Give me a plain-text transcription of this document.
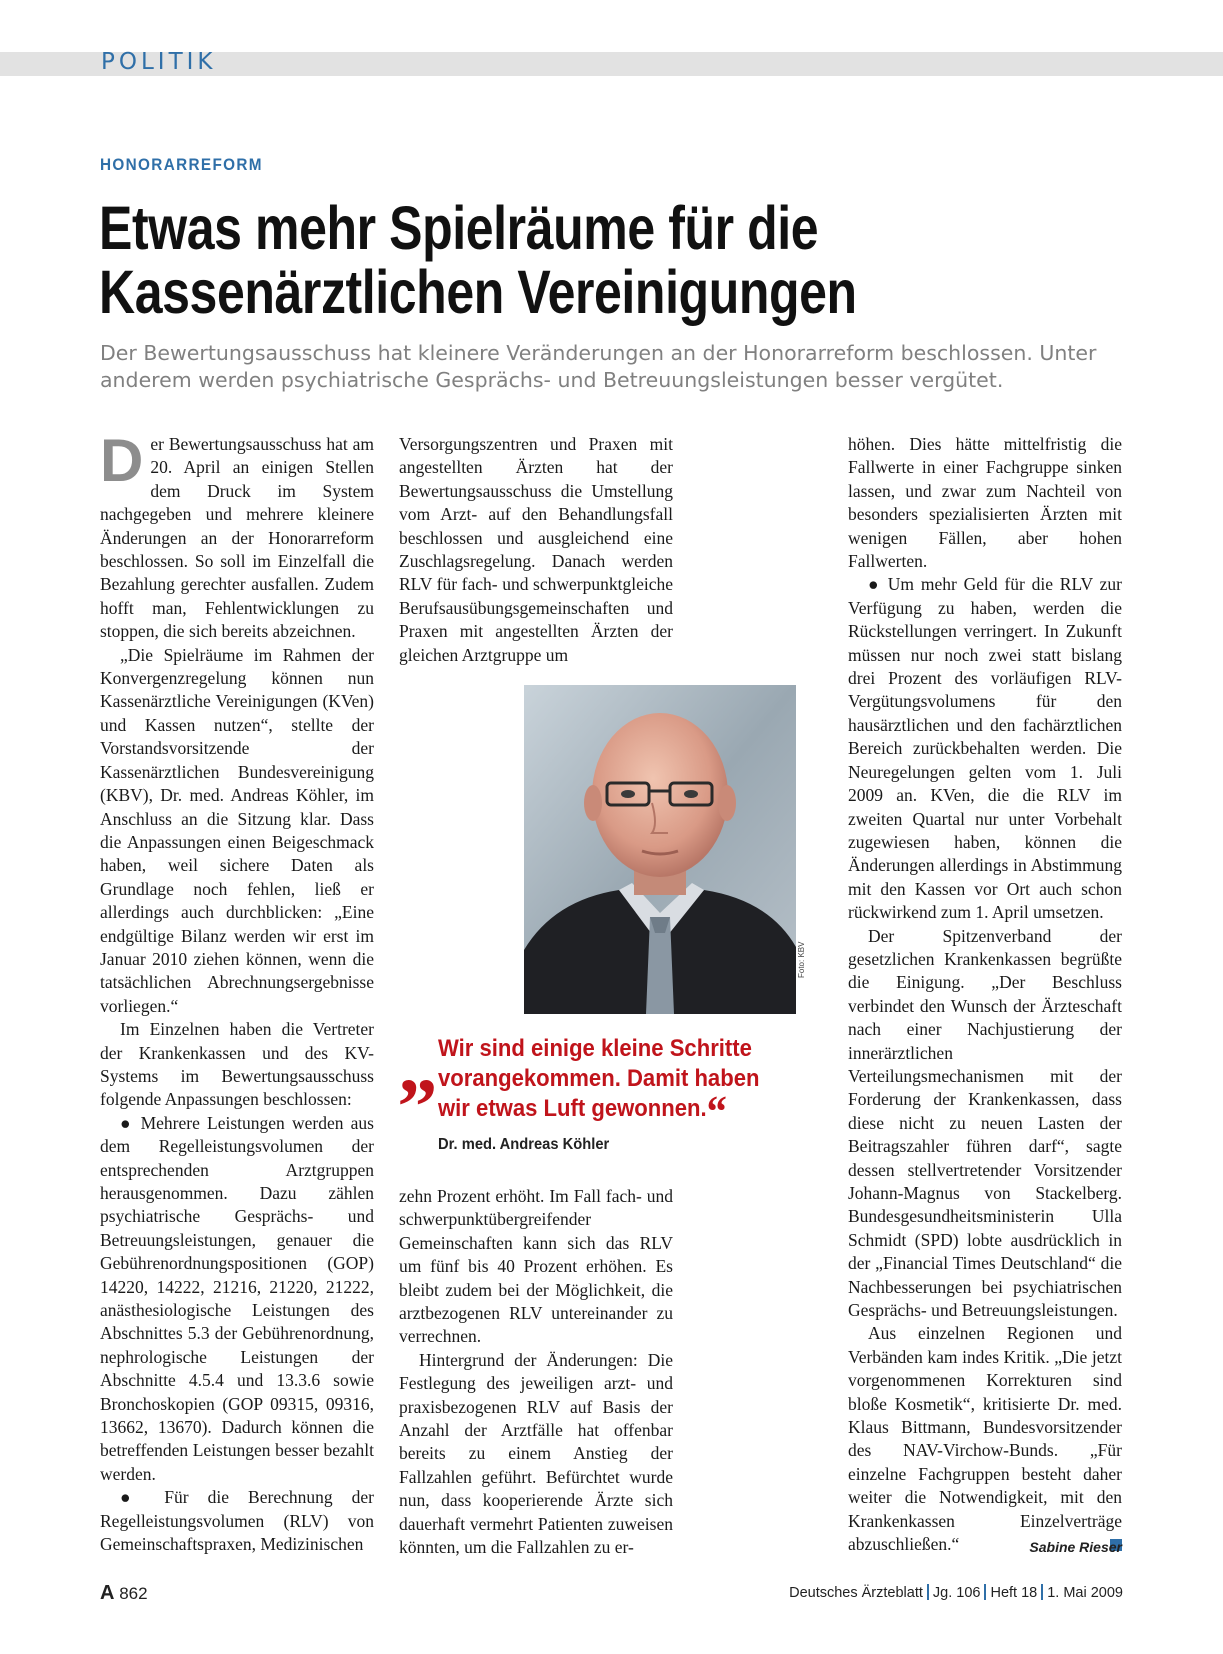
POLITIK
HONORARREFORM
Etwas mehr Spielräume für die
Kassenärztlichen Vereinigungen
Der Bewertungsausschuss hat kleinere Veränderungen an der Honorarreform beschlossen. Unter anderem werden psychiatrische Gesprächs- und Betreuungsleistungen besser vergütet.

Der Bewertungsausschuss hat am 20. April an einigen Stellen dem Druck im System nachgegeben und mehrere kleinere Änderungen an der Honorarreform beschlossen. So soll im Einzelfall die Bezahlung gerechter ausfallen. Zudem hofft man, Fehlentwicklungen zu stoppen, die sich bereits abzeichnen.

„Die Spielräume im Rahmen der Konvergenzregelung können nun Kassenärztliche Vereinigungen (KVen) und Kassen nutzen“, stellte der Vorstandsvorsitzende der Kassenärztlichen Bundesvereinigung (KBV), Dr. med. Andreas Köhler, im Anschluss an die Sitzung klar. Dass die Anpassungen einen Beigeschmack haben, weil sichere Daten als Grundlage noch fehlen, ließ er allerdings auch durchblicken: „Eine endgültige Bilanz werden wir erst im Januar 2010 ziehen können, wenn die tatsächlichen Abrechnungsergebnisse vorliegen.“

Im Einzelnen haben die Vertreter der Krankenkassen und des KV-Systems im Bewertungsausschuss folgende Anpassungen beschlossen:

● Mehrere Leistungen werden aus dem Regelleistungsvolumen der entsprechenden Arztgruppen herausgenommen. Dazu zählen psychiatrische Gesprächs- und Betreuungsleistungen, genauer die Gebührenordnungspositionen (GOP) 14220, 14222, 21216, 21220, 21222, anästhesiologische Leistungen des Abschnittes 5.3 der Gebührenordnung, nephrologische Leistungen der Abschnitte 4.5.4 und 13.3.6 sowie Bronchoskopien (GOP 09315, 09316, 13662, 13670). Dadurch können die betreffenden Leistungen besser bezahlt werden.

● Für die Berechnung der Regelleistungsvolumen (RLV) von Gemeinschaftspraxen, Medizinischen

Versorgungszentren und Praxen mit angestellten Ärzten hat der Bewertungsausschuss die Umstellung vom Arzt- auf den Behandlungsfall beschlossen und ausgleichend eine Zuschlagsregelung. Danach werden RLV für fach- und schwerpunktgleiche Berufsausübungsgemeinschaften und Praxen mit angestellten Ärzten der gleichen Arztgruppe um

Foto: KBV
„ Wir sind einige kleine Schritte vorangekommen. Damit haben wir etwas Luft gewonnen.“
Dr. med. Andreas Köhler

zehn Prozent erhöht. Im Fall fach- und schwerpunktübergreifender Gemeinschaften kann sich das RLV um fünf bis 40 Prozent erhöhen. Es bleibt zudem bei der Möglichkeit, die arztbezogenen RLV untereinander zu verrechnen.

Hintergrund der Änderungen: Die Festlegung des jeweiligen arzt- und praxisbezogenen RLV auf Basis der Anzahl der Arztfälle hat offenbar bereits zu einem Anstieg der Fallzahlen geführt. Befürchtet wurde nun, dass kooperierende Ärzte sich dauerhaft vermehrt Patienten zuweisen könnten, um die Fallzahlen zu er-

höhen. Dies hätte mittelfristig die Fallwerte in einer Fachgruppe sinken lassen, und zwar zum Nachteil von besonders spezialisierten Ärzten mit wenigen Fällen, aber hohen Fallwerten.

● Um mehr Geld für die RLV zur Verfügung zu haben, werden die Rückstellungen verringert. In Zukunft müssen nur noch zwei statt bislang drei Prozent des vorläufigen RLV-Vergütungsvolumens für den hausärztlichen und den fachärztlichen Bereich zurückbehalten werden. Die Neuregelungen gelten vom 1. Juli 2009 an. KVen, die die RLV im zweiten Quartal nur unter Vorbehalt zugewiesen haben, können die Änderungen allerdings in Abstimmung mit den Kassen vor Ort auch schon rückwirkend zum 1. April umsetzen.

Der Spitzenverband der gesetzlichen Krankenkassen begrüßte die Einigung. „Der Beschluss verbindet den Wunsch der Ärzteschaft nach einer Nachjustierung der innerärztlichen Verteilungsmechanismen mit der Forderung der Krankenkassen, dass diese nicht zu neuen Lasten der Beitragszahler führen darf“, sagte dessen stellvertretender Vorsitzender Johann-Magnus von Stackelberg. Bundesgesundheitsministerin Ulla Schmidt (SPD) lobte ausdrücklich in der „Financial Times Deutschland“ die Nachbesserungen bei psychiatrischen Gesprächs- und Betreuungsleistungen.

Aus einzelnen Regionen und Verbänden kam indes Kritik. „Die jetzt vorgenommenen Korrekturen sind bloße Kosmetik“, kritisierte Dr. med. Klaus Bittmann, Bundesvorsitzender des NAV-Virchow-Bunds. „Für einzelne Fachgruppen besteht daher weiter die Notwendigkeit, mit den Krankenkassen Einzelverträge abzuschließen.“	Sabine Rieser
A 862	Deutsches Ärzteblatt Jg. 106 Heft 18 1. Mai 2009
